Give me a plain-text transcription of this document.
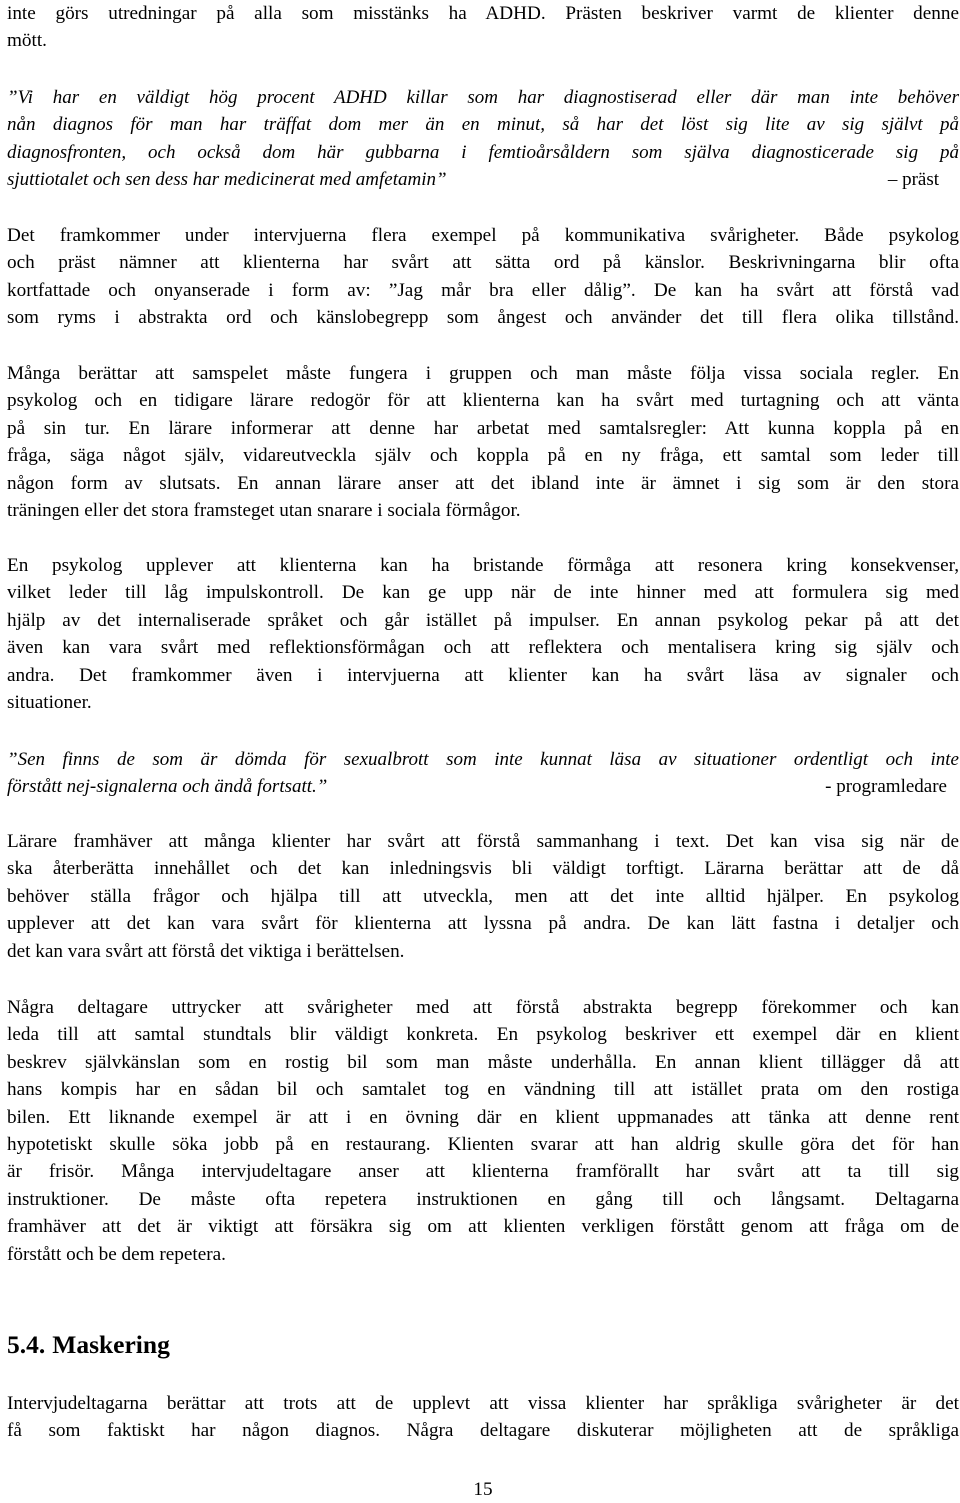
inte görs utredningar på alla som misstänks ha ADHD. Prästen beskriver varmt de klienter denne
mött.
”Vi har en väldigt hög procent ADHD killar som har diagnostiserad eller där man inte behöver
nån diagnos för man har träffat dom mer än en minut, så har det löst sig lite av sig självt på
diagnosfronten, och också dom här gubbarna i femtioårsåldern som själva diagnosticerade sig på
sjuttiotalet och sen dess har medicinerat med amfetamin”	– präst
Det framkommer under intervjuerna flera exempel på kommunikativa svårigheter. Både psykolog
och präst nämner att klienterna har svårt att sätta ord på känslor. Beskrivningarna blir ofta
kortfattade och onyanserade i form av: ”Jag mår bra eller dålig”. De kan ha svårt att förstå vad
som ryms i abstrakta ord och känslobegrepp som ångest och använder det till flera olika tillstånd.
Många berättar att samspelet måste fungera i gruppen och man måste följa vissa sociala regler. En
psykolog och en tidigare lärare redogör för att klienterna kan ha svårt med turtagning och att vänta
på sin tur. En lärare informerar att denne har arbetat med samtalsregler: Att kunna koppla på en
fråga, säga något själv, vidareutveckla själv och koppla på en ny fråga, ett samtal som leder till
någon form av slutsats. En annan lärare anser att det ibland inte är ämnet i sig som är den stora
träningen eller det stora framsteget utan snarare i sociala förmågor.
En psykolog upplever att klienterna kan ha bristande förmåga att resonera kring konsekvenser,
vilket leder till låg impulskontroll. De kan ge upp när de inte hinner med att formulera sig med
hjälp av det internaliserade språket och går istället på impulser. En annan psykolog pekar på att det
även kan vara svårt med reflektionsförmågan och att reflektera och mentalisera kring sig själv och
andra. Det framkommer även i intervjuerna att klienter kan ha svårt läsa av signaler och
situationer.
”Sen finns de som är dömda för sexualbrott som inte kunnat läsa av situationer ordentligt och inte
förstått nej-signalerna och ändå fortsatt.”	- programledare
Lärare framhäver att många klienter har svårt att förstå sammanhang i text. Det kan visa sig när de
ska återberätta innehållet och det kan inledningsvis bli väldigt torftigt. Lärarna berättar att de då
behöver ställa frågor och hjälpa till att utveckla, men att det inte alltid hjälper. En psykolog
upplever att det kan vara svårt för klienterna att lyssna på andra. De kan lätt fastna i detaljer och
det kan vara svårt att förstå det viktiga i berättelsen.
Några deltagare uttrycker att svårigheter med att förstå abstrakta begrepp förekommer och kan
leda till att samtal stundtals blir väldigt konkreta. En psykolog beskriver ett exempel där en klient
beskrev självkänslan som en rostig bil som man måste underhålla. En annan klient tillägger då att
hans kompis har en sådan bil och samtalet tog en vändning till att istället prata om den rostiga
bilen. Ett liknande exempel är att i en övning där en klient uppmanades att tänka att denne rent
hypotetiskt skulle söka jobb på en restaurang. Klienten svarar att han aldrig skulle göra det för han
är frisör. Många intervjudeltagare anser att klienterna framförallt har svårt att ta till sig
instruktioner. De måste ofta repetera instruktionen en gång till och långsamt. Deltagarna
framhäver att det är viktigt att försäkra sig om att klienten verkligen förstått genom att fråga om de
förstått och be dem repetera.
5.4. Maskering
Intervjudeltagarna berättar att trots att de upplevt att vissa klienter har språkliga svårigheter är det
få som faktiskt har någon diagnos. Några deltagare diskuterar möjligheten att de språkliga
15
